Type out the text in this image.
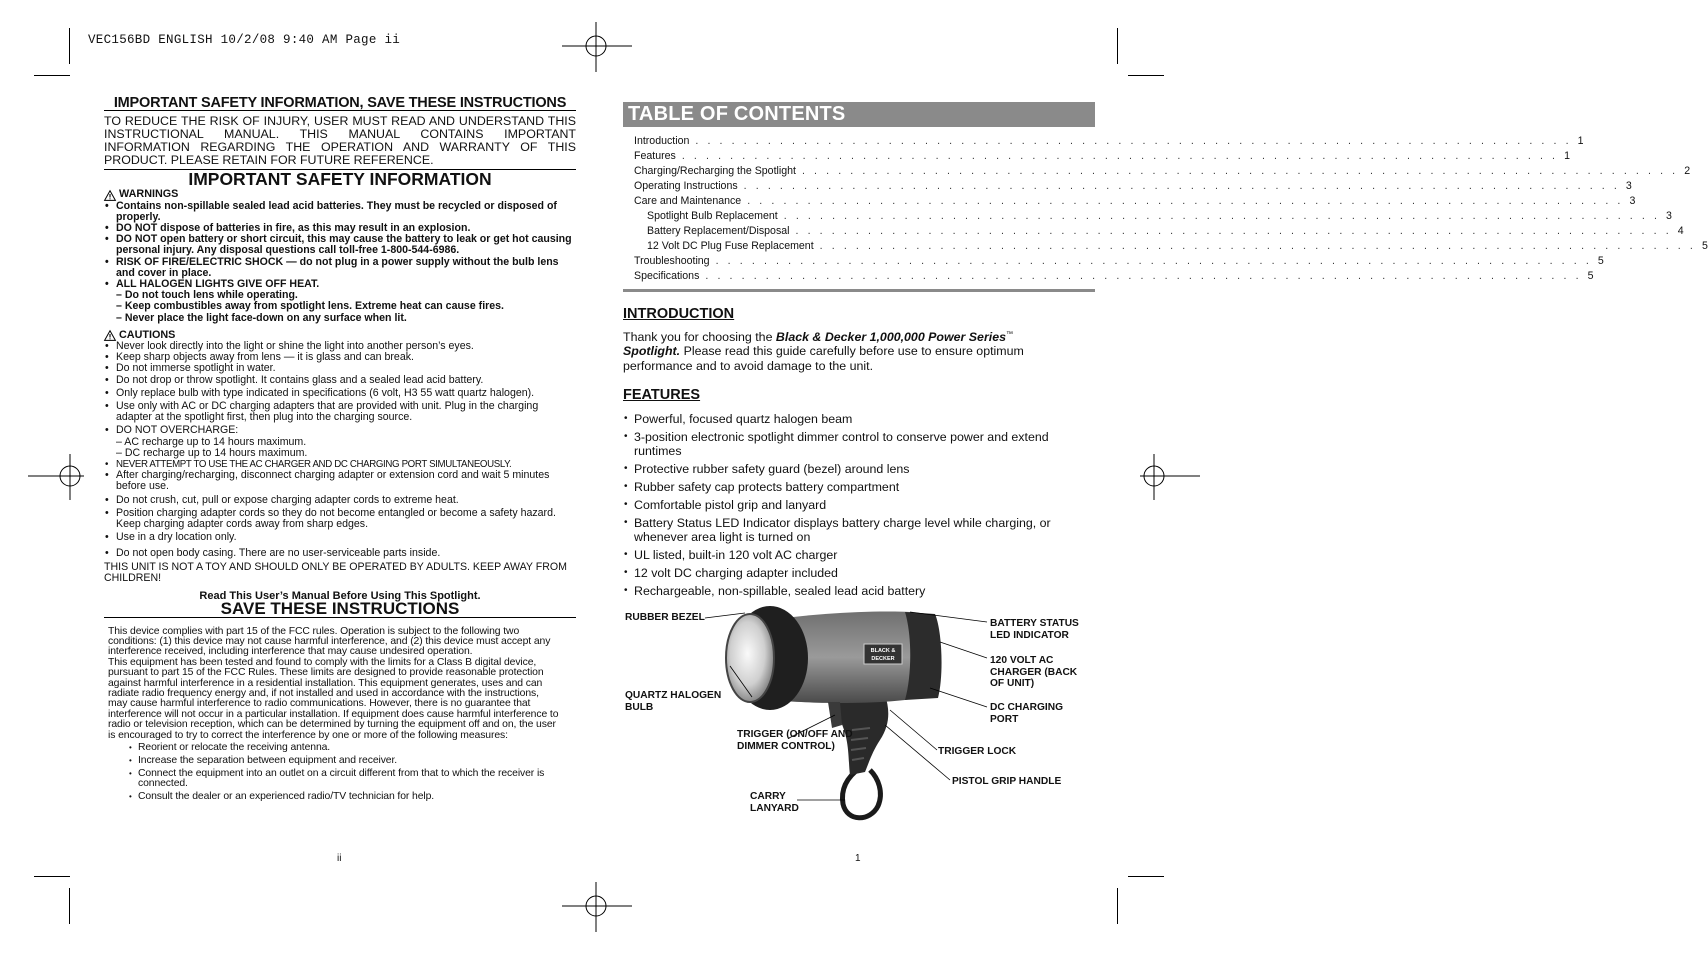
VEC156BD ENGLISH 10/2/08 9:40 AM Page ii
IMPORTANT SAFETY INFORMATION, SAVE THESE INSTRUCTIONS
TO REDUCE THE RISK OF INJURY, USER MUST READ AND UNDERSTAND THIS INSTRUCTIONAL MANUAL. THIS MANUAL CONTAINS IMPORTANT INFORMATION REGARDING THE OPERATION AND WARRANTY OF THIS PRODUCT. PLEASE RETAIN FOR FUTURE REFERENCE.
IMPORTANT SAFETY INFORMATION
WARNINGS
• Contains non-spillable sealed lead acid batteries. They must be recycled or disposed of properly.
• DO NOT dispose of batteries in fire, as this may result in an explosion.
• DO NOT open battery or short circuit, this may cause the battery to leak or get hot causing personal injury. Any disposal questions call toll-free 1-800-544-6986.
• RISK OF FIRE/ELECTRIC SHOCK — do not plug in a power supply without the bulb lens and cover in place.
• ALL HALOGEN LIGHTS GIVE OFF HEAT.
– Do not touch lens while operating.
– Keep combustibles away from spotlight lens. Extreme heat can cause fires.
– Never place the light face-down on any surface when lit.
CAUTIONS
• Never look directly into the light or shine the light into another person’s eyes.
• Keep sharp objects away from lens — it is glass and can break.
• Do not immerse spotlight in water.
• Do not drop or throw spotlight. It contains glass and a sealed lead acid battery.
• Only replace bulb with type indicated in specifications (6 volt, H3 55 watt quartz halogen).
• Use only with AC or DC charging adapters that are provided with unit. Plug in the charging adapter at the spotlight first, then plug into the charging source.
• DO NOT OVERCHARGE:
– AC recharge up to 14 hours maximum.
– DC recharge up to 14 hours maximum.
• NEVER ATTEMPT TO USE THE AC CHARGER AND DC CHARGING PORT SIMULTANEOUSLY.
• After charging/recharging, disconnect charging adapter or extension cord and wait 5 minutes before use.
• Do not crush, cut, pull or expose charging adapter cords to extreme heat.
• Position charging adapter cords so they do not become entangled or become a safety hazard. Keep charging adapter cords away from sharp edges.
• Use in a dry location only.
• Do not open body casing. There are no user-serviceable parts inside.
THIS UNIT IS NOT A TOY AND SHOULD ONLY BE OPERATED BY ADULTS. KEEP AWAY FROM CHILDREN!
Read This User’s Manual Before Using This Spotlight.
SAVE THESE INSTRUCTIONS
This device complies with part 15 of the FCC rules. Operation is subject to the following two conditions: (1) this device may not cause harmful interference, and (2) this device must accept any interference received, including interference that may cause undesired operation.
This equipment has been tested and found to comply with the limits for a Class B digital device, pursuant to part 15 of the FCC Rules. These limits are designed to provide reasonable protection against harmful interference in a residential installation. This equipment generates, uses and can radiate radio frequency energy and, if not installed and used in accordance with the instructions, may cause harmful interference to radio communications. However, there is no guarantee that interference will not occur in a particular installation. If equipment does cause harmful interference to radio or television reception, which can be determined by turning the equipment off and on, the user is encouraged to try to correct the interference by one or more of the following measures:
• Reorient or relocate the receiving antenna.
• Increase the separation between equipment and receiver.
• Connect the equipment into an outlet on a circuit different from that to which the receiver is connected.
• Consult the dealer or an experienced radio/TV technician for help.
ii
TABLE OF CONTENTS
Introduction . . . . . . . . . . . . . . . . . . . . . . . . . . . . . . . . . . . . . . . . . . . . . . . . . . . . . . . . . . . . . . . . . . . . . . . . . 1
Features . . . . . . . . . . . . . . . . . . . . . . . . . . . . . . . . . . . . . . . . . . . . . . . . . . . . . . . . . . . . . . . . . . . . . . . . . 1
Charging/Recharging the Spotlight . . . . . . . . . . . . . . . . . . . . . . . . . . . . . . . . . . . . . . . . . . . . . . . . . . . . . . . . . . . . . . . . . . . . . . . . . 2
Operating Instructions . . . . . . . . . . . . . . . . . . . . . . . . . . . . . . . . . . . . . . . . . . . . . . . . . . . . . . . . . . . . . . . . . . . . . . . . . 3
Care and Maintenance . . . . . . . . . . . . . . . . . . . . . . . . . . . . . . . . . . . . . . . . . . . . . . . . . . . . . . . . . . . . . . . . . . . . . . . . . 3
Spotlight Bulb Replacement . . . . . . . . . . . . . . . . . . . . . . . . . . . . . . . . . . . . . . . . . . . . . . . . . . . . . . . . . . . . . . . . . . . . . . . . . 3
Battery Replacement/Disposal . . . . . . . . . . . . . . . . . . . . . . . . . . . . . . . . . . . . . . . . . . . . . . . . . . . . . . . . . . . . . . . . . . . . . . . . . 4
12 Volt DC Plug Fuse Replacement . . . . . . . . . . . . . . . . . . . . . . . . . . . . . . . . . . . . . . . . . . . . . . . . . . . . . . . . . . . . . . . . . . . . . . . . . 5
Troubleshooting . . . . . . . . . . . . . . . . . . . . . . . . . . . . . . . . . . . . . . . . . . . . . . . . . . . . . . . . . . . . . . . . . . . . . . . . . 5
Specifications . . . . . . . . . . . . . . . . . . . . . . . . . . . . . . . . . . . . . . . . . . . . . . . . . . . . . . . . . . . . . . . . . . . . . . . . . 5
INTRODUCTION
Thank you for choosing the Black & Decker 1,000,000 Power Series™
Spotlight. Please read this guide carefully before use to ensure optimum performance and to avoid damage to the unit.
FEATURES
• Powerful, focused quartz halogen beam
• 3-position electronic spotlight dimmer control to conserve power and extend runtimes
• Protective rubber safety guard (bezel) around lens
• Rubber safety cap protects battery compartment
• Comfortable pistol grip and lanyard
• Battery Status LED Indicator displays battery charge level while charging, or whenever area light is turned on
• UL listed, built-in 120 volt AC charger
• 12 volt DC charging adapter included
• Rechargeable, non-spillable, sealed lead acid battery
BLACK &
DECKER
RUBBER BEZEL
QUARTZ HALOGEN BULB
TRIGGER (ON/OFF AND DIMMER CONTROL)
CARRY LANYARD
BATTERY STATUS LED INDICATOR
120 VOLT AC CHARGER (BACK OF UNIT)
DC CHARGING PORT
TRIGGER LOCK
PISTOL GRIP HANDLE
1
